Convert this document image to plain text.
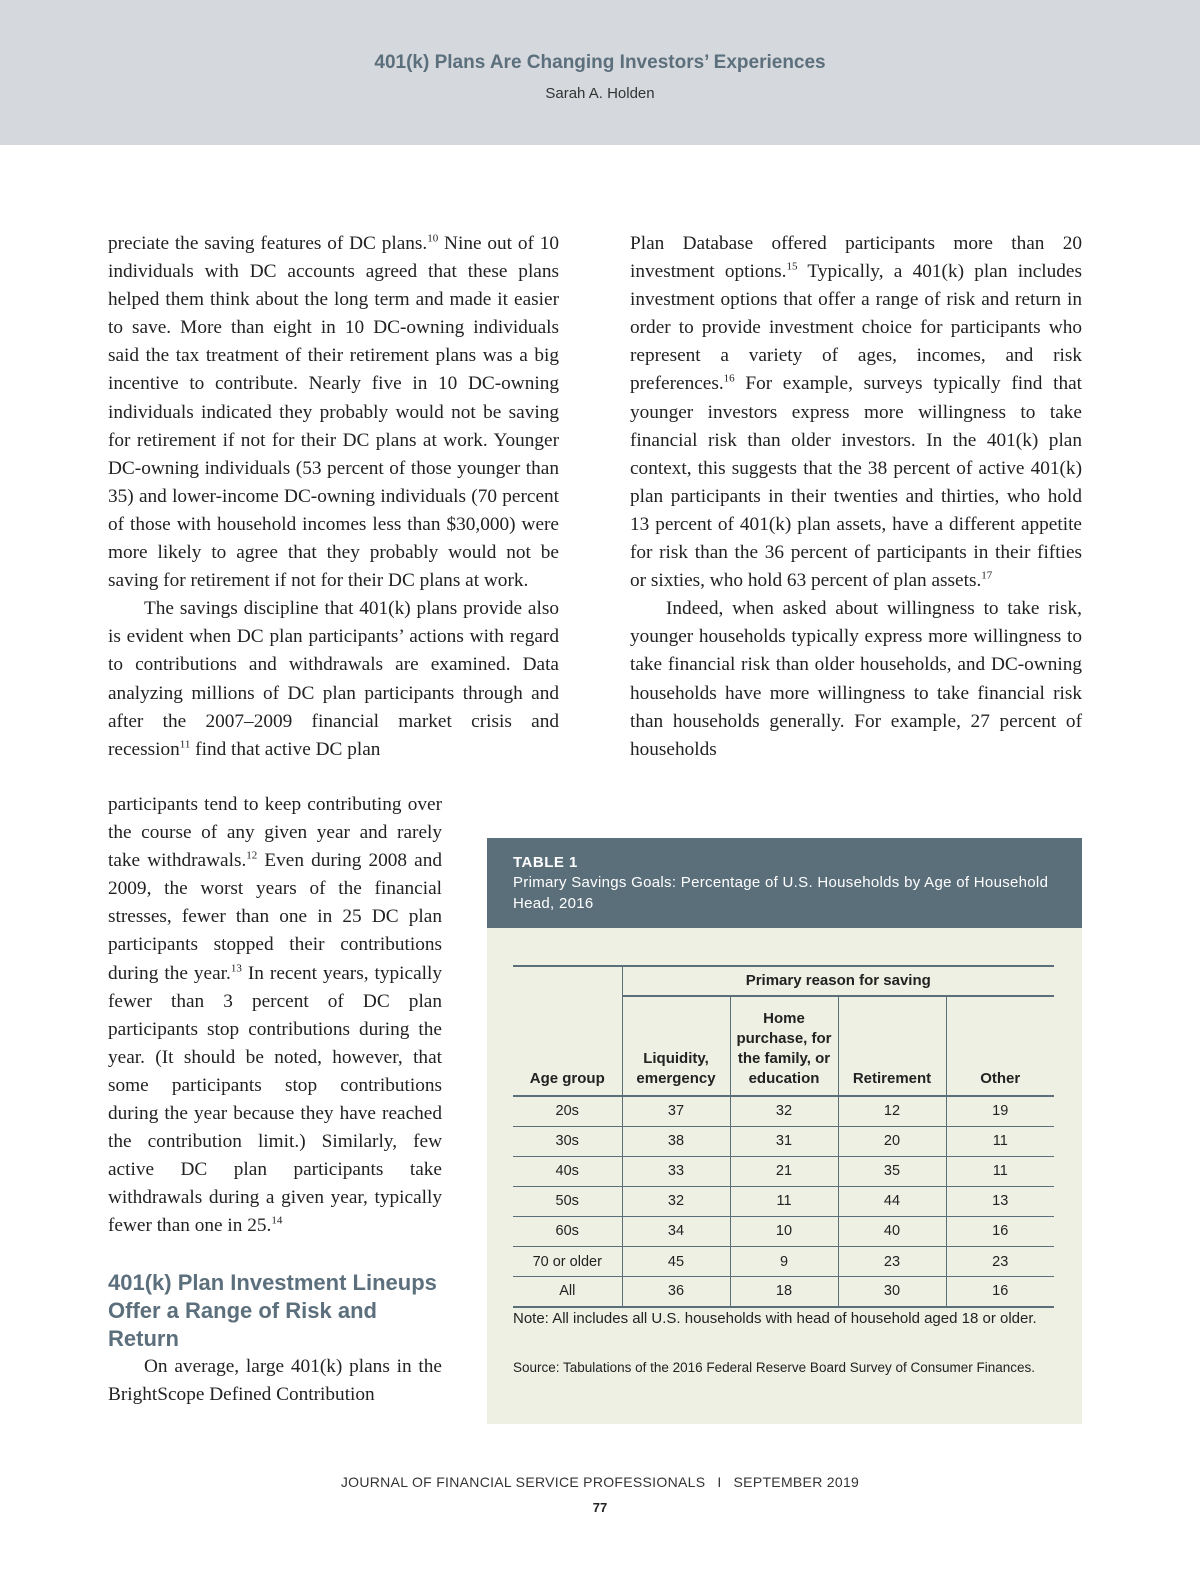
401(k) Plans Are Changing Investors’ Experiences
Sarah A. Holden

preciate the saving features of DC plans.$^{10}$ Nine out of 10 individuals with DC accounts agreed that these plans helped them think about the long term and made it easier to save. More than eight in 10 DC-owning individuals said the tax treatment of their retirement plans was a big incentive to contribute. Nearly five in 10 DC-owning individuals indicated they probably would not be saving for retirement if not for their DC plans at work. Younger DC-owning individuals (53 percent of those younger than 35) and lower-income DC-owning individuals (70 percent of those with household incomes less than $30,000) were more likely to agree that they probably would not be saving for retirement if not for their DC plans at work.

The savings discipline that 401(k) plans provide also is evident when DC plan participants’ actions with regard to contributions and withdrawals are examined. Data analyzing millions of DC plan participants through and after the 2007–2009 financial market crisis and recession$^{11}$ find that active DC plan

participants tend to keep contributing over the course of any given year and rarely take withdrawals.$^{12}$ Even during 2008 and 2009, the worst years of the financial stresses, fewer than one in 25 DC plan participants stopped their contributions during the year.$^{13}$ In recent years, typically fewer than 3 percent of DC plan participants stop contributions during the year. (It should be noted, however, that some participants stop contributions during the year because they have reached the contribution limit.) Similarly, few active DC plan participants take withdrawals during a given year, typically fewer than one in 25.14

401(k) Plan Investment Lineups Offer a Range of Risk and Return

On average, large 401(k) plans in the BrightScope Defined Contribution

Plan Database offered participants more than 20 investment options.$^{15}$ Typically, a 401(k) plan includes investment options that offer a range of risk and return in order to provide investment choice for participants who represent a variety of ages, incomes, and risk preferences.$^{16}$ For example, surveys typically find that younger investors express more willingness to take financial risk than older investors. In the 401(k) plan context, this suggests that the 38 percent of active 401(k) plan participants in their twenties and thirties, who hold 13 percent of 401(k) plan assets, have a different appetite for risk than the 36 percent of participants in their fifties or sixties, who hold 63 percent of plan assets.$^{17}$

Indeed, when asked about willingness to take risk, younger households typically express more willingness to take financial risk than older households, and DC-owning households have more willingness to take financial risk than households generally. For example, 27 percent of households

TABLE 1
Primary Savings Goals: Percentage of U.S. Households by Age of Household Head, 2016
Age group	Primary reason for saving			
	Liquidity, emergency	Home purchase, for the family, or education	Retirement	Other
20s	37	32	12	19
30s	38	31	20	11
40s	33	21	35	11
50s	32	11	44	13
60s	34	10	40	16
70 or older	45	9	23	23
All	36	18	30	16
Note: All includes all U.S. households with head of household aged 18 or older.
Source: Tabulations of the 2016 Federal Reserve Board Survey of Consumer Finances.
JOURNAL OF FINANCIAL SERVICE PROFESSIONALS I SEPTEMBER 2019
77
